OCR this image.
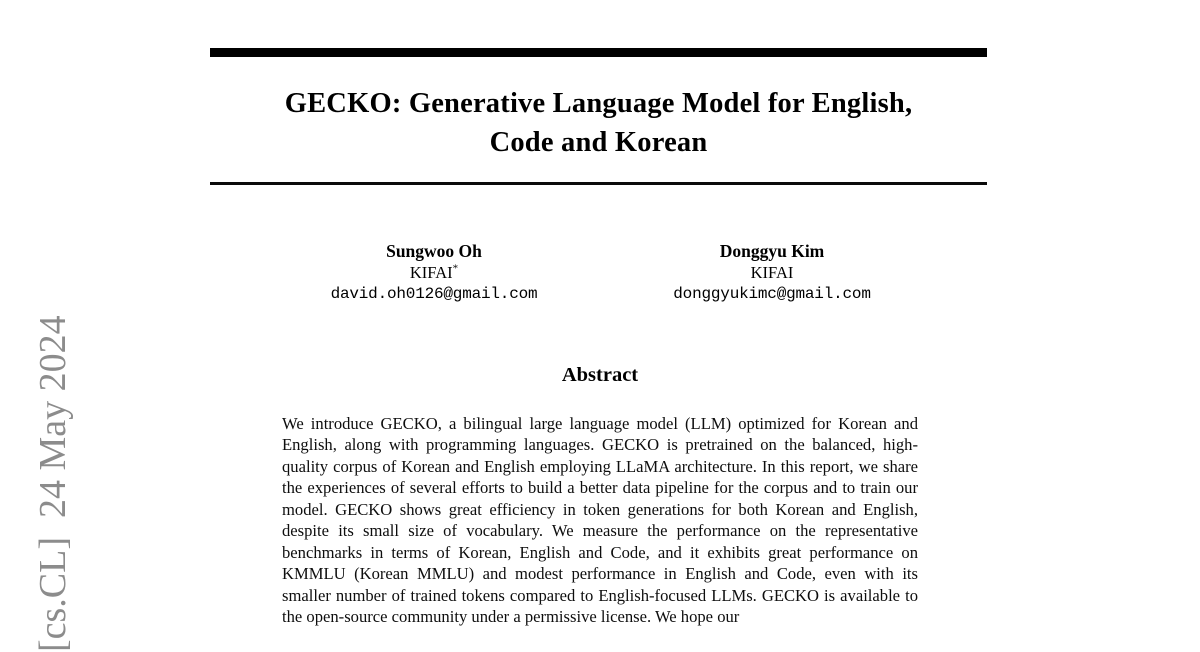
GECKO: Generative Language Model for English,
Code and Korean
Sungwoo Oh
KIFAI*
david.oh0126@gmail.com
Donggyu Kim
KIFAI
donggyukimc@gmail.com
Abstract
We introduce GECKO, a bilingual large language model (LLM) optimized for Korean and English, along with programming languages. GECKO is pretrained on the balanced, high-quality corpus of Korean and English employing LLaMA architecture. In this report, we share the experiences of several efforts to build a better data pipeline for the corpus and to train our model. GECKO shows great efficiency in token generations for both Korean and English, despite its small size of vocabulary. We measure the performance on the representative benchmarks in terms of Korean, English and Code, and it exhibits great performance on KMMLU (Korean MMLU) and modest performance in English and Code, even with its smaller number of trained tokens compared to English-focused LLMs. GECKO is available to the open-source community under a permissive license. We hope our
[cs.CL]  24 May 2024
